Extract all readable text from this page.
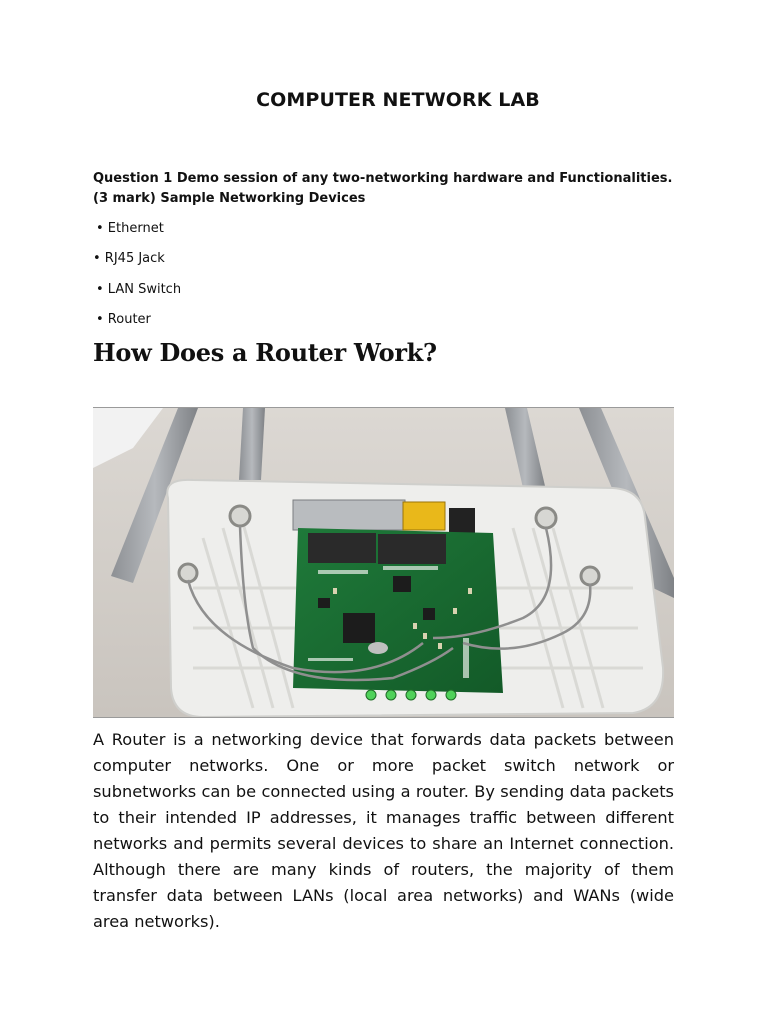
COMPUTER NETWORK LAB
Question 1 Demo session of any two-networking hardware and Functionalities.(3 mark) Sample Networking Devices
• Ethernet
• RJ45 Jack
• LAN Switch
• Router
How Does a Router Work?
A Router is a networking device that forwards data packets between computer networks. One or more packet switch network or subnetworks can be connected using a router. By sending data packets to their intended IP addresses, it manages traffic between different networks and permits several devices to share an Internet connection. Although there are many kinds of routers, the majority of them transfer data between LANs (local area networks) and WANs (wide area networks).
